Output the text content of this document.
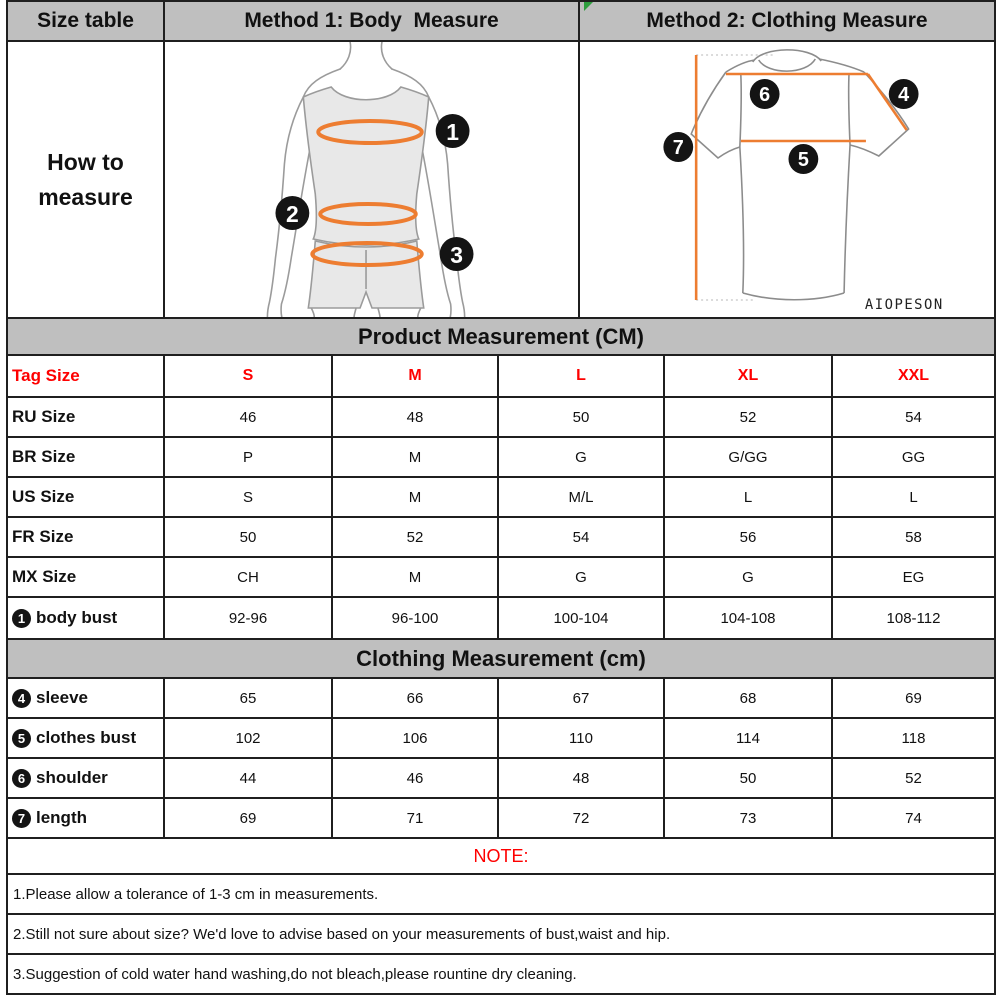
Size table	Method 1: Body  Measure	Method 2: Clothing Measure
How to
measure
1
2
3
6	4
7
5
AIOPESON
Product Measurement (CM)
Tag Size	S	M	L	XL	XXL
RU Size	46	48	50	52	54
BR Size	P	M	G	G/GG	GG
US Size	S	M	M/L	L	L
FR Size	50	52	54	56	58
MX Size	CH	M	G	G	EG
1 body bust	92-96	96-100	100-104	104-108	108-112
Clothing Measurement (cm)
4 sleeve	65	66	67	68	69
5 clothes bust	102	106	110	114	118
6 shoulder	44	46	48	50	52
7 length	69	71	72	73	74
NOTE:
1.Please allow a tolerance of 1-3 cm in measurements.
2.Still not sure about size? We'd love to advise based on your measurements of bust,waist and hip.
3.Suggestion of cold water hand washing,do not bleach,please rountine dry cleaning.
